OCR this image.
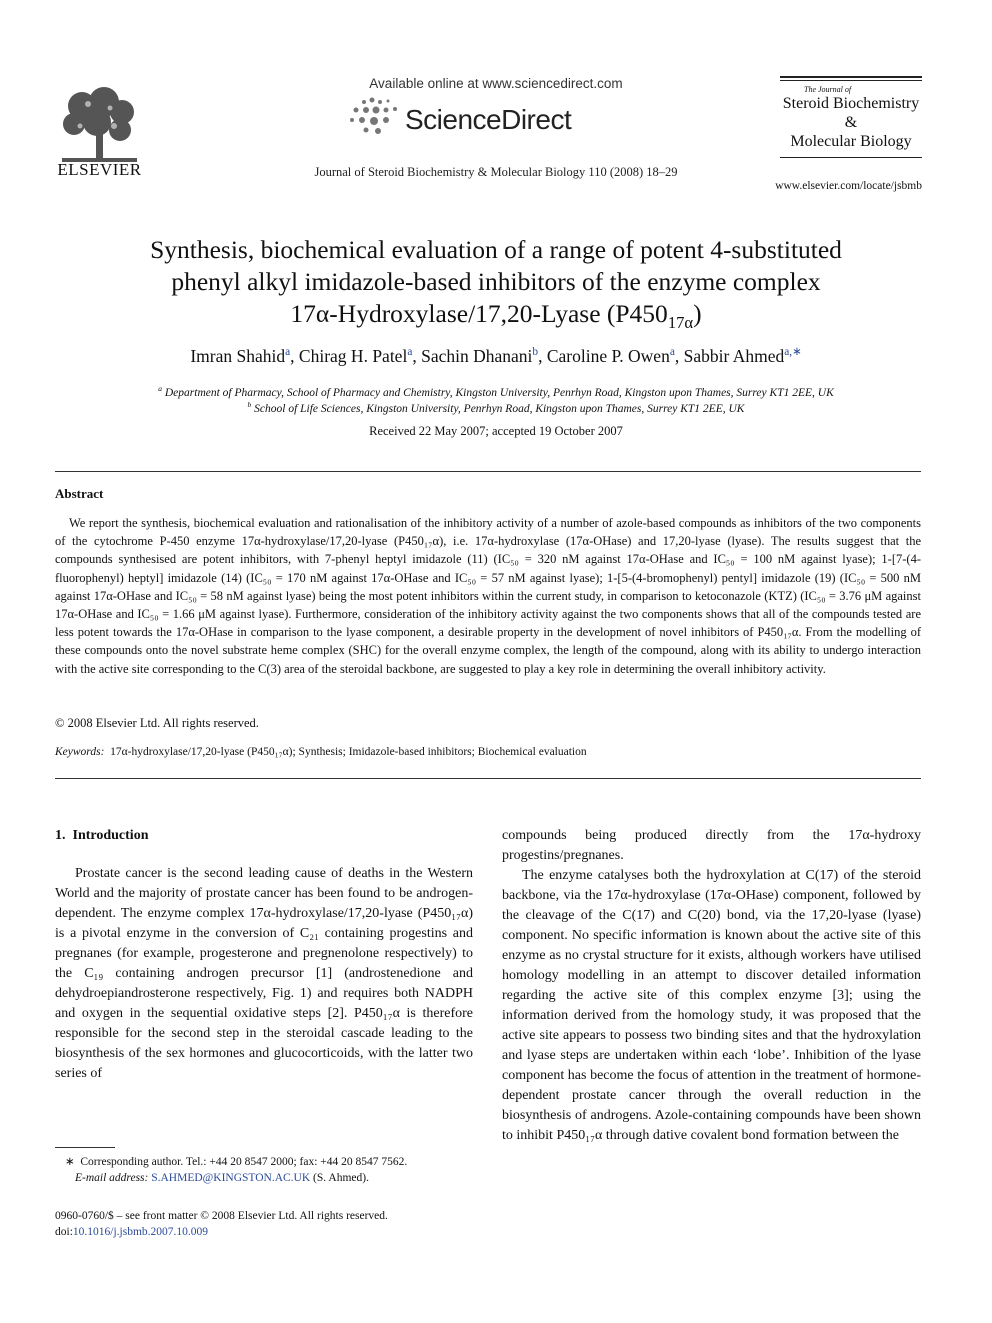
ELSEVIER
Available online at www.sciencedirect.com
ScienceDirect
Journal of Steroid Biochemistry & Molecular Biology 110 (2008) 18–29
The Journal of
Steroid Biochemistry
&
Molecular Biology
www.elsevier.com/locate/jsbmb
Synthesis, biochemical evaluation of a range of potent 4-substituted
phenyl alkyl imidazole-based inhibitors of the enzyme complex
17α-Hydroxylase/17,20-Lyase $(P450_{17\alpha})$
Imran Shahid$^a$, Chirag H. Patel$^a$, Sachin Dhanani$^b$, Caroline P. Owen$^a$, Sabbir Ahmed$^{a,∗}$
$^a$ Department of Pharmacy, School of Pharmacy and Chemistry, Kingston University, Penrhyn Road, Kingston upon Thames, Surrey KT1 2EE, UK
$^b$ School of Life Sciences, Kingston University, Penrhyn Road, Kingston upon Thames, Surrey KT1 2EE, UK
Received 22 May 2007; accepted 19 October 2007
Abstract
We report the synthesis, biochemical evaluation and rationalisation of the inhibitory activity of a number of azole-based compounds as inhibitors of the two components of the cytochrome P-450 enzyme 17α-hydroxylase/17,20-lyase (P450₁₇α), i.e. 17α-hydroxylase (17α-OHase) and 17,20-lyase (lyase). The results suggest that the compounds synthesised are potent inhibitors, with 7-phenyl heptyl imidazole (11) (IC₅₀ = 320 nM against 17α-OHase and IC₅₀ = 100 nM against lyase); 1-[7-(4-fluorophenyl) heptyl] imidazole (14) (IC₅₀ = 170 nM against 17α-OHase and IC₅₀ = 57 nM against lyase); 1-[5-(4-bromophenyl) pentyl] imidazole (19) (IC₅₀ = 500 nM against 17α-OHase and IC₅₀ = 58 nM against lyase) being the most potent inhibitors within the current study, in comparison to ketoconazole (KTZ) (IC₅₀ = 3.76 μM against 17α-OHase and IC₅₀ = 1.66 μM against lyase). Furthermore, consideration of the inhibitory activity against the two components shows that all of the compounds tested are less potent towards the 17α-OHase in comparison to the lyase component, a desirable property in the development of novel inhibitors of P450₁₇α. From the modelling of these compounds onto the novel substrate heme complex (SHC) for the overall enzyme complex, the length of the compound, along with its ability to undergo interaction with the active site corresponding to the C(3) area of the steroidal backbone, are suggested to play a key role in determining the overall inhibitory activity.
© 2008 Elsevier Ltd. All rights reserved.
Keywords: 17α-hydroxylase/17,20-lyase (P450₁₇α); Synthesis; Imidazole-based inhibitors; Biochemical evaluation
1. Introduction

Prostate cancer is the second leading cause of deaths in the Western World and the majority of prostate cancer has been found to be androgen-dependent. The enzyme complex 17α-hydroxylase/17,20-lyase (P450₁₇α) is a pivotal enzyme in the conversion of C₂₁ containing progestins and pregnanes (for example, progesterone and pregnenolone respectively) to the C₁₉ containing androgen precursor [1] (androstenedione and dehydroepiandrosterone respectively, Fig. 1) and requires both NADPH and oxygen in the sequential oxidative steps [2]. P450₁₇α is therefore responsible for the second step in the steroidal cascade leading to the biosynthesis of the sex hormones and glucocorticoids, with the latter two series of

compounds being produced directly from the 17α-hydroxy progestins/pregnanes.

The enzyme catalyses both the hydroxylation at C(17) of the steroid backbone, via the 17α-hydroxylase (17α-OHase) component, followed by the cleavage of the C(17) and C(20) bond, via the 17,20-lyase (lyase) component. No specific information is known about the active site of this enzyme as no crystal structure for it exists, although workers have utilised homology modelling in an attempt to discover detailed information regarding the active site of this complex enzyme [3]; using the information derived from the homology study, it was proposed that the active site appears to possess two binding sites and that the hydroxylation and lyase steps are undertaken within each ‘lobe’. Inhibition of the lyase component has become the focus of attention in the treatment of hormone-dependent prostate cancer through the overall reduction in the biosynthesis of androgens. Azole-containing compounds have been shown to inhibit P450₁₇α through dative covalent bond formation between the

∗ Corresponding author. Tel.: +44 20 8547 2000; fax: +44 20 8547 7562.
E-mail address: S.AHMED@KINGSTON.AC.UK (S. Ahmed).
0960-0760/$ – see front matter © 2008 Elsevier Ltd. All rights reserved.
doi:10.1016/j.jsbmb.2007.10.009
